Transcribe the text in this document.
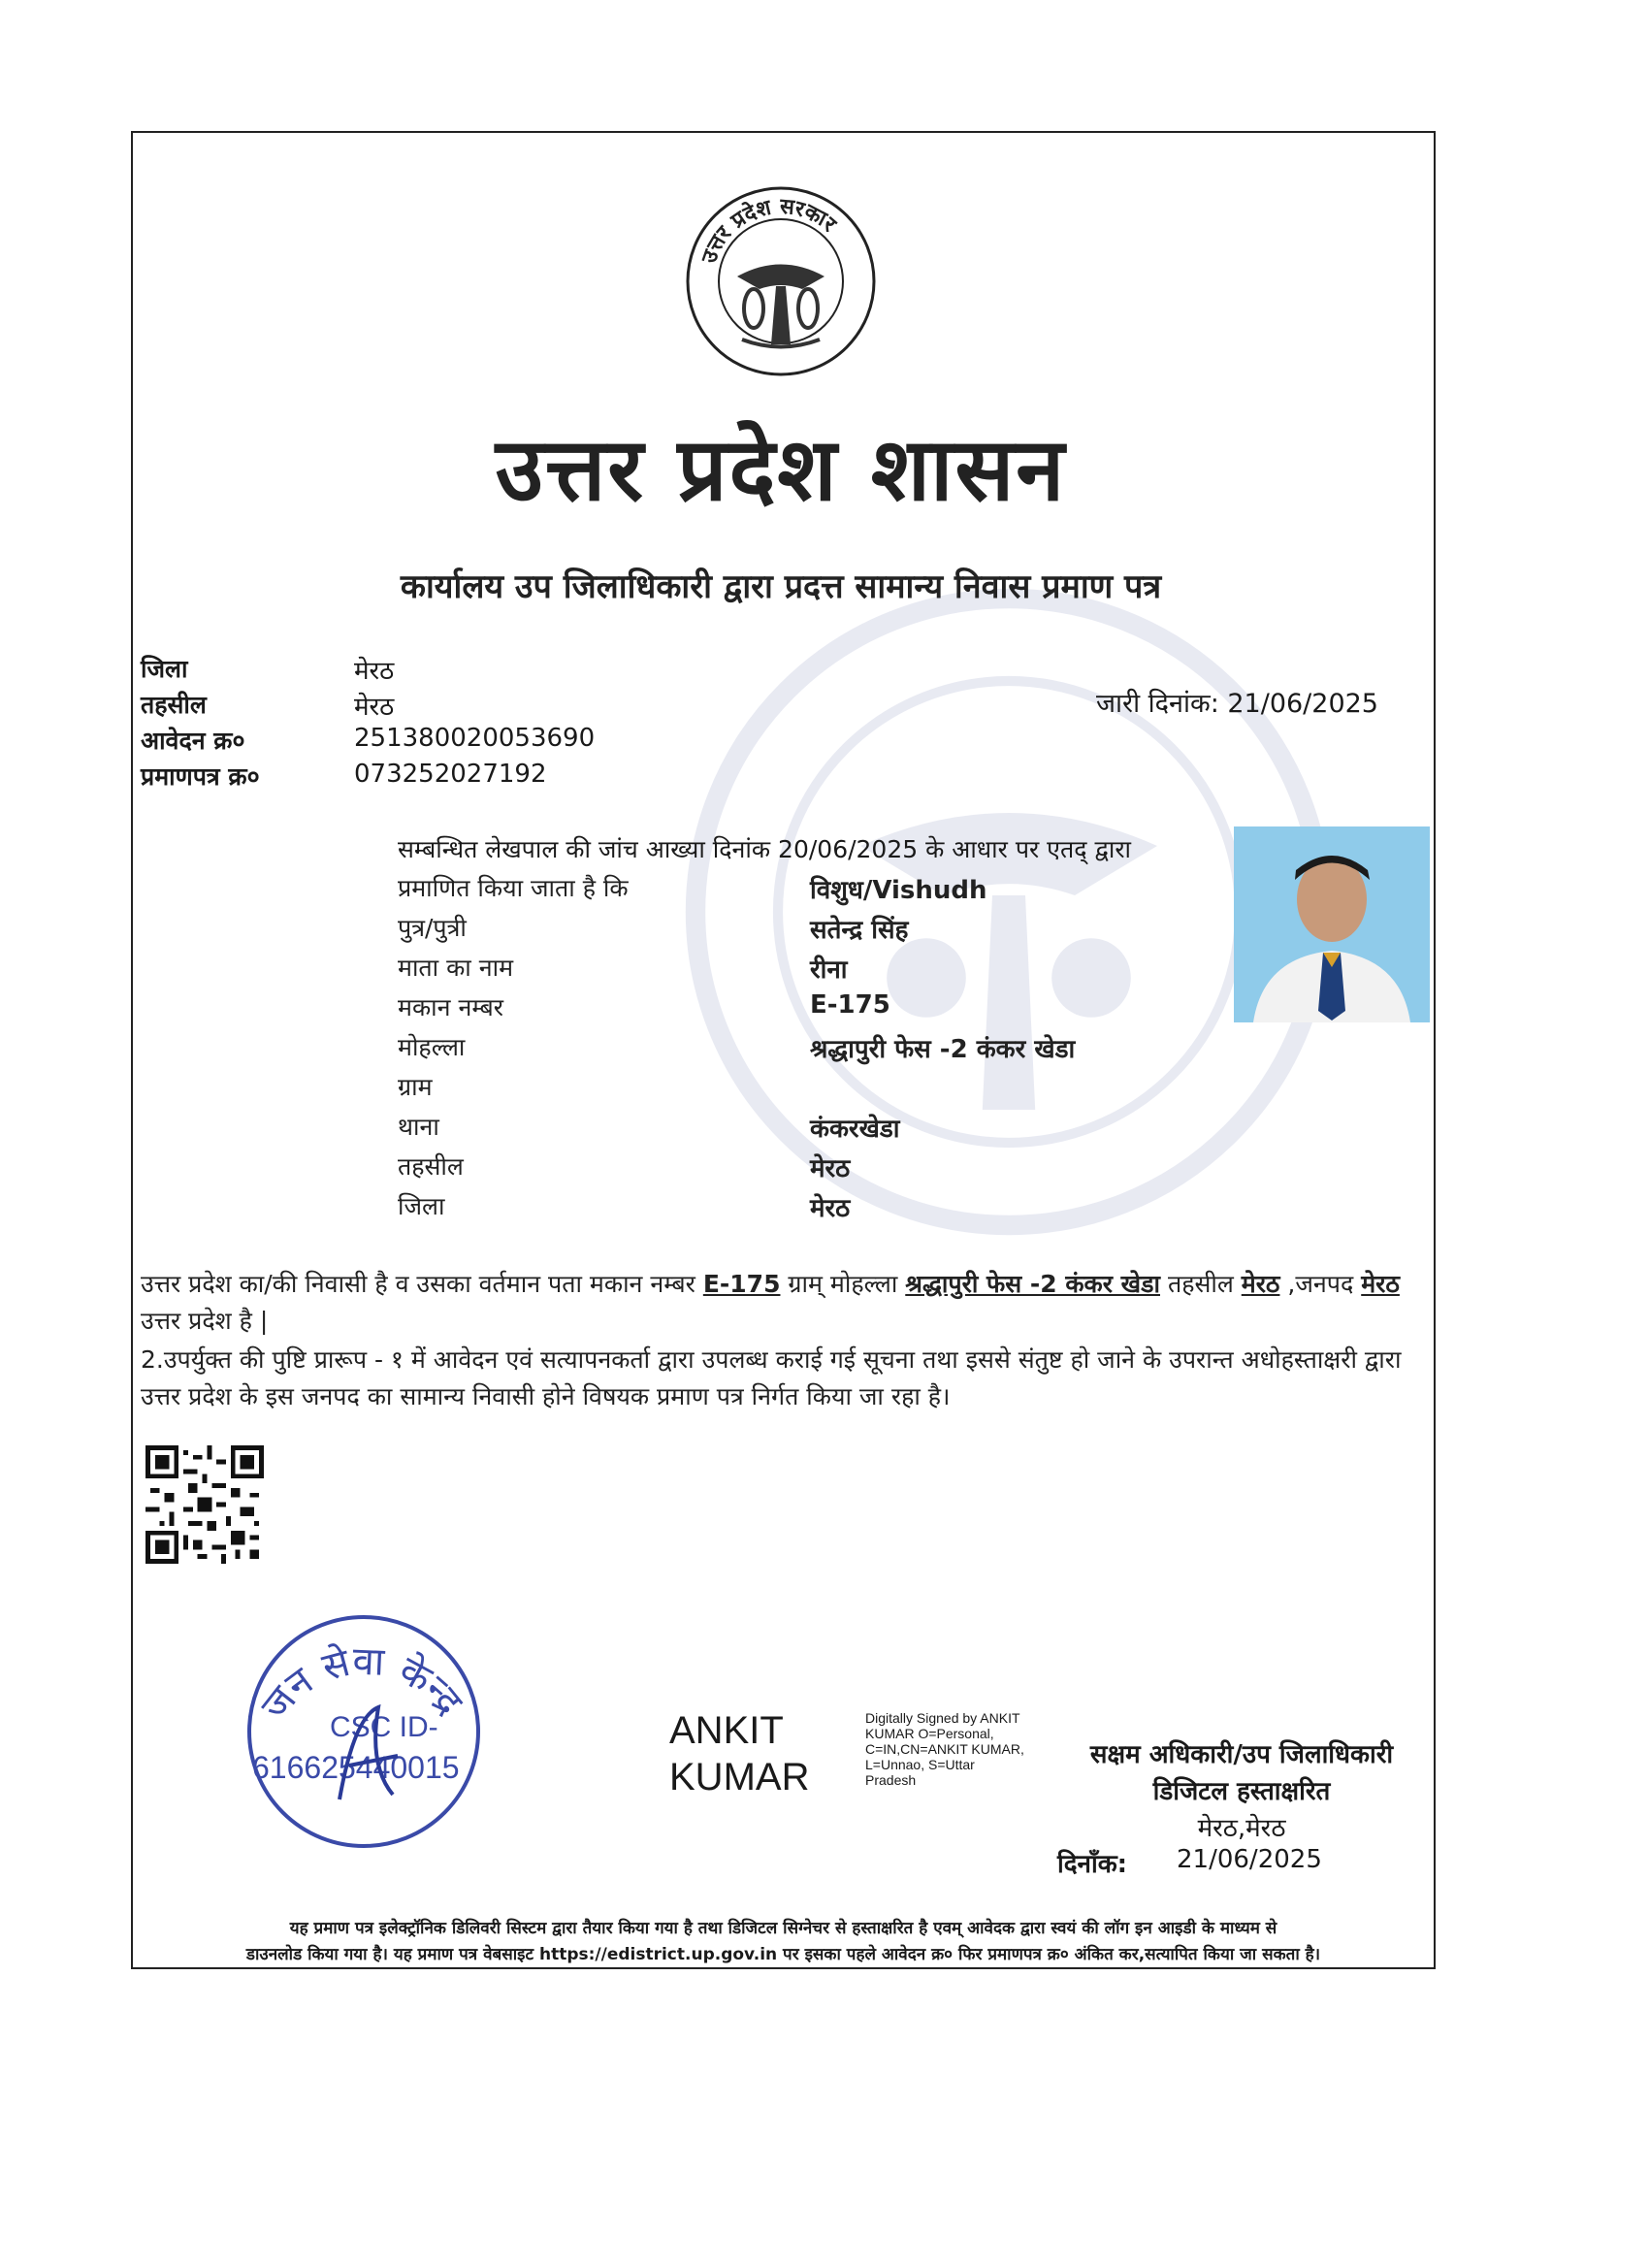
उत्तर प्रदेश सरकार
उत्तर प्रदेश शासन
कार्यालय उप जिलाधिकारी द्वारा प्रदत्त सामान्य निवास प्रमाण पत्र
जिला	मेरठ
तहसील	मेरठ
आवेदन क्र०	251380020053690
प्रमाणपत्र क्र०	073252027192
जारी दिनांक: 21/06/2025
सम्बन्धित लेखपाल की जांच आख्या दिनांक 20/06/2025 के आधार पर एतद् द्वारा
प्रमाणित किया जाता है कि	विशुध/Vishudh
पुत्र/पुत्री	सतेन्द्र सिंह
माता का नाम	रीना
मकान नम्बर	E-175
मोहल्ला	श्रद्धापुरी फेस -2 कंकर खेडा
ग्राम
थाना	कंकरखेडा
तहसील	मेरठ
जिला	मेरठ
उत्तर प्रदेश का/की निवासी है व उसका वर्तमान पता मकान नम्बर E-175 ग्राम् मोहल्ला श्रद्धापुरी फेस -2 कंकर खेडा तहसील मेरठ ,जनपद मेरठ उत्तर प्रदेश है |
2.उपर्युक्त की पुष्टि प्रारूप - १ में आवेदन एवं सत्यापनकर्ता द्वारा उपलब्ध कराई गई सूचना तथा इससे संतुष्ट हो जाने के उपरान्त अधोहस्ताक्षरी द्वारा उत्तर प्रदेश के इस जनपद का सामान्य निवासी होने विषयक प्रमाण पत्र निर्गत किया जा रहा है।
जन सेवा केन्द्र
CSC ID-
616625440015
ANKIT
KUMAR
Digitally Signed by ANKIT
KUMAR O=Personal,
C=IN,CN=ANKIT KUMAR,
L=Unnao, S=Uttar
Pradesh
सक्षम अधिकारी/उप जिलाधिकारी
डिजिटल हस्ताक्षरित
मेरठ,मेरठ
दिनाँक: 21/06/2025
यह प्रमाण पत्र इलेक्ट्रॉनिक डिलिवरी सिस्टम द्वारा तैयार किया गया है तथा डिजिटल सिग्नेचर से हस्ताक्षरित है एवम् आवेदक द्वारा स्वयं की लॉग इन आइडी के माध्यम से
डाउनलोड किया गया है। यह प्रमाण पत्र वेबसाइट https://edistrict.up.gov.in पर इसका पहले आवेदन क्र० फिर प्रमाणपत्र क्र० अंकित कर,सत्यापित किया जा सकता है।
